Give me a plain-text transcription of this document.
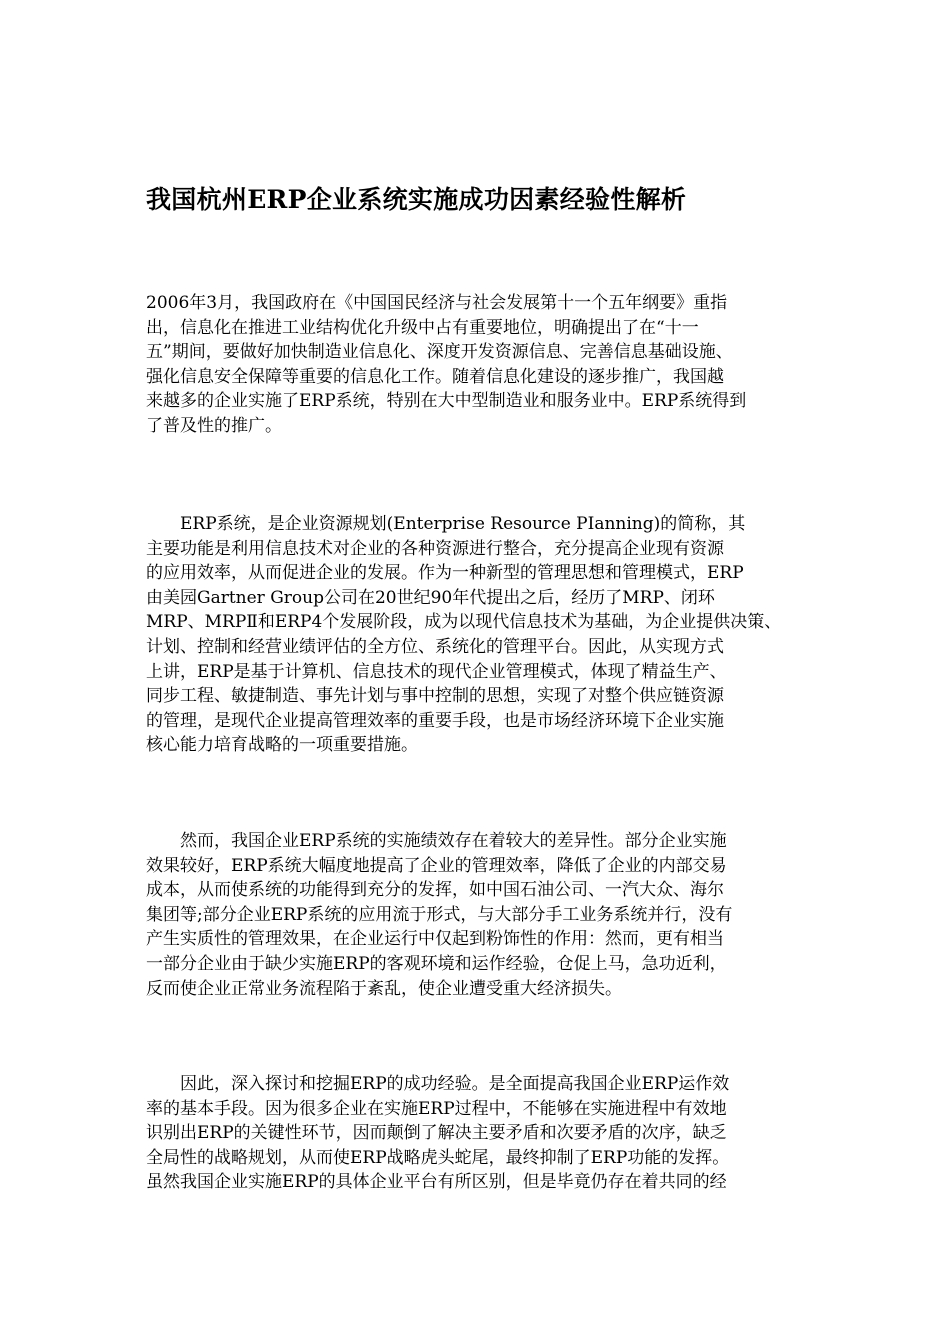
我国杭州ERP企业系统实施成功因素经验性解析
2006年3月，我国政府在《中国国民经济与社会发展第十一个五年纲要》重指
出，信息化在推进工业结构优化升级中占有重要地位，明确提出了在“十一
五”期间，要做好加快制造业信息化、深度开发资源信息、完善信息基础设施、
强化信息安全保障等重要的信息化工作。随着信息化建设的逐步推广，我国越
来越多的企业实施了ERP系统，特别在大中型制造业和服务业中。ERP系统得到
了普及性的推广。
　　ERP系统，是企业资源规划(Enterprise Resource PIanning)的简称，其
主要功能是利用信息技术对企业的各种资源进行整合，充分提高企业现有资源
的应用效率，从而促进企业的发展。作为一种新型的管理思想和管理模式，ERP
由美园Gartner Group公司在20世纪90年代提出之后，经历了MRP、闭环
MRP、MRPⅡ和ERP4个发展阶段，成为以现代信息技术为基础，为企业提供决策、
计划、控制和经营业绩评估的全方位、系统化的管理平台。因此，从实现方式
上讲，ERP是基于计算机、信息技术的现代企业管理模式，体现了精益生产、
同步工程、敏捷制造、事先计划与事中控制的思想，实现了对整个供应链资源
的管理，是现代企业提高管理效率的重要手段，也是市场经济环境下企业实施
核心能力培育战略的一项重要措施。
　　然而，我国企业ERP系统的实施绩效存在着较大的差异性。部分企业实施
效果较好，ERP系统大幅度地提高了企业的管理效率，降低了企业的内部交易
成本，从而使系统的功能得到充分的发挥，如中国石油公司、一汽大众、海尔
集团等;部分企业ERP系统的应用流于形式，与大部分手工业务系统并行，没有
产生实质性的管理效果，在企业运行中仅起到粉饰性的作用：然而，更有相当
一部分企业由于缺少实施ERP的客观环境和运作经验，仓促上马，急功近利，
反而使企业正常业务流程陷于紊乱，使企业遭受重大经济损失。
　　因此，深入探讨和挖掘ERP的成功经验。是全面提高我国企业ERP运作效
率的基本手段。因为很多企业在实施ERP过程中，不能够在实施进程中有效地
识别出ERP的关键性环节，因而颠倒了解决主要矛盾和次要矛盾的次序，缺乏
全局性的战略规划，从而使ERP战略虎头蛇尾，最终抑制了ERP功能的发挥。
虽然我国企业实施ERP的具体企业平台有所区别，但是毕竟仍存在着共同的经
